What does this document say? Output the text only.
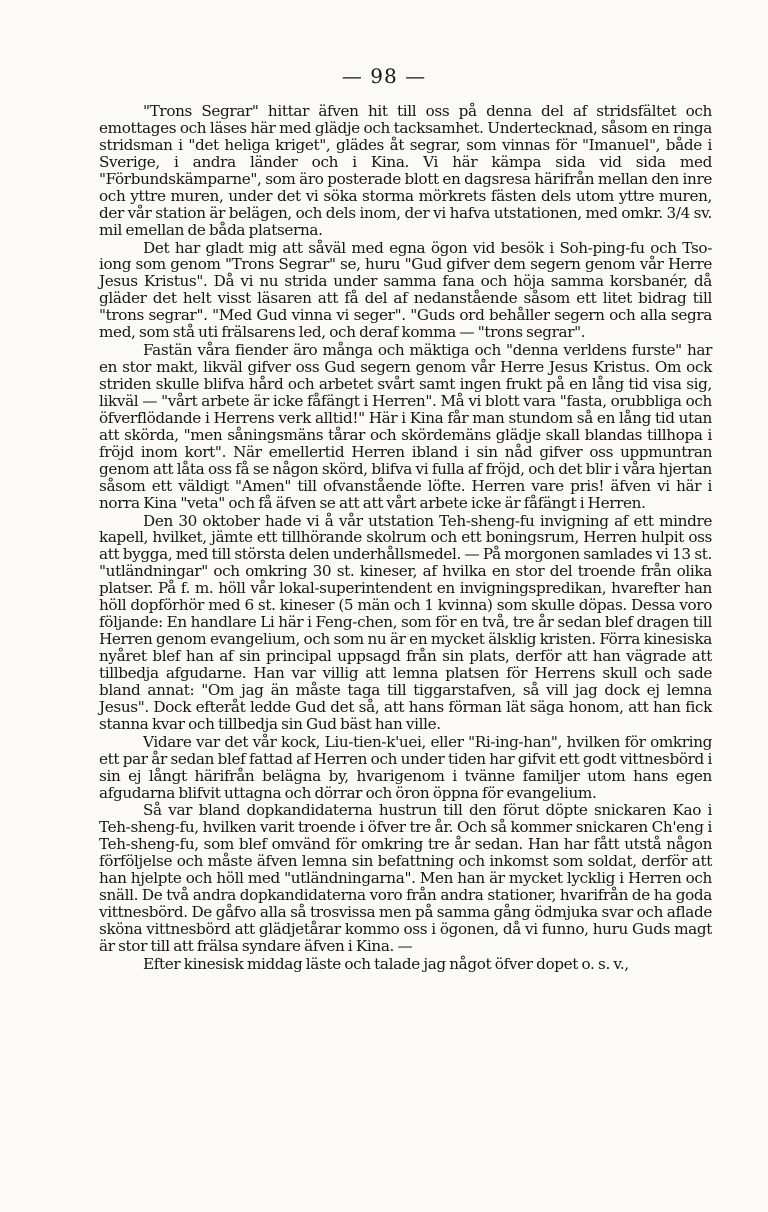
— 98 —

"Trons Segrar" hittar äfven hit till oss på denna del af stridsfältet och emottages och läses här med glädje och tacksamhet. Undertecknad, såsom en ringa stridsman i "det heliga kriget", glädes åt segrar, som vinnas för "Imanuel", både i Sverige, i andra länder och i Kina. Vi här kämpa sida vid sida med "Förbundskämparne", som äro posterade blott en dagsresa härifrån mellan den inre och yttre muren, under det vi söka storma mörkrets fästen dels utom yttre muren, der vår station är belägen, och dels inom, der vi hafva utstationen, med omkr. 3/4 sv. mil emellan de båda platserna.

Det har gladt mig att såväl med egna ögon vid besök i Soh-ping-fu och Tso-iong som genom "Trons Segrar" se, huru "Gud gifver dem segern genom vår Herre Jesus Kristus". Då vi nu strida under samma fana och höja samma korsbanér, då gläder det helt visst läsaren att få del af nedanstående såsom ett litet bidrag till "trons segrar". "Med Gud vinna vi seger". "Guds ord behåller segern och alla segra med, som stå uti frälsarens led, och deraf komma — "trons segrar".

Fastän våra fiender äro många och mäktiga och "denna verldens furste" har en stor makt, likväl gifver oss Gud segern genom vår Herre Jesus Kristus. Om ock striden skulle blifva hård och arbetet svårt samt ingen frukt på en lång tid visa sig, likväl — "vårt arbete är icke fåfängt i Herren". Må vi blott vara "fasta, orubbliga och öfverflödande i Herrens verk alltid!" Här i Kina får man stundom så en lång tid utan att skörda, "men såningsmäns tårar och skördemäns glädje skall blandas tillhopa i fröjd inom kort". När emellertid Herren ibland i sin nåd gifver oss uppmuntran genom att låta oss få se någon skörd, blifva vi fulla af fröjd, och det blir i våra hjertan såsom ett väldigt "Amen" till ofvanstående löfte. Herren vare pris! äfven vi här i norra Kina "veta" och få äfven se att att vårt arbete icke är fåfängt i Herren.

Den 30 oktober hade vi å vår utstation Teh-sheng-fu invigning af ett mindre kapell, hvilket, jämte ett tillhörande skolrum och ett boningsrum, Herren hulpit oss att bygga, med till största delen underhållsmedel. — På morgonen samlades vi 13 st. "utländningar" och omkring 30 st. kineser, af hvilka en stor del troende från olika platser. På f. m. höll vår lokal-superintendent en invigningspredikan, hvarefter han höll dopförhör med 6 st. kineser (5 män och 1 kvinna) som skulle döpas. Dessa voro följande: En handlare Li här i Feng-chen, som för en två, tre år sedan blef dragen till Herren genom evangelium, och som nu är en mycket älsklig kristen. Förra kinesiska nyåret blef han af sin principal uppsagd från sin plats, derför att han vägrade att tillbedja afgudarne. Han var villig att lemna platsen för Herrens skull och sade bland annat: "Om jag än måste taga till tiggarstafven, så vill jag dock ej lemna Jesus". Dock efteråt ledde Gud det så, att hans förman lät säga honom, att han fick stanna kvar och tillbedja sin Gud bäst han ville.

Vidare var det vår kock, Liu-tien-k'uei, eller "Ri-ing-han", hvilken för omkring ett par år sedan blef fattad af Herren och under tiden har gifvit ett godt vittnesbörd i sin ej långt härifrån belägna by, hvarigenom i tvänne familjer utom hans egen afgudarna blifvit uttagna och dörrar och öron öppna för evangelium.

Så var bland dopkandidaterna hustrun till den förut döpte snickaren Kao i Teh-sheng-fu, hvilken varit troende i öfver tre år. Och så kommer snickaren Ch'eng i Teh-sheng-fu, som blef omvänd för omkring tre år sedan. Han har fått utstå någon förföljelse och måste äfven lemna sin befattning och inkomst som soldat, derför att han hjelpte och höll med "utländningarna". Men han är mycket lycklig i Herren och snäll. De två andra dopkandidaterna voro från andra stationer, hvarifrån de ha goda vittnesbörd. De gåfvo alla så trosvissa men på samma gång ödmjuka svar och aflade sköna vittnesbörd att glädjetårar kommo oss i ögonen, då vi funno, huru Guds magt är stor till att frälsa syndare äfven i Kina. —

Efter kinesisk middag läste och talade jag något öfver dopet o. s. v.,
